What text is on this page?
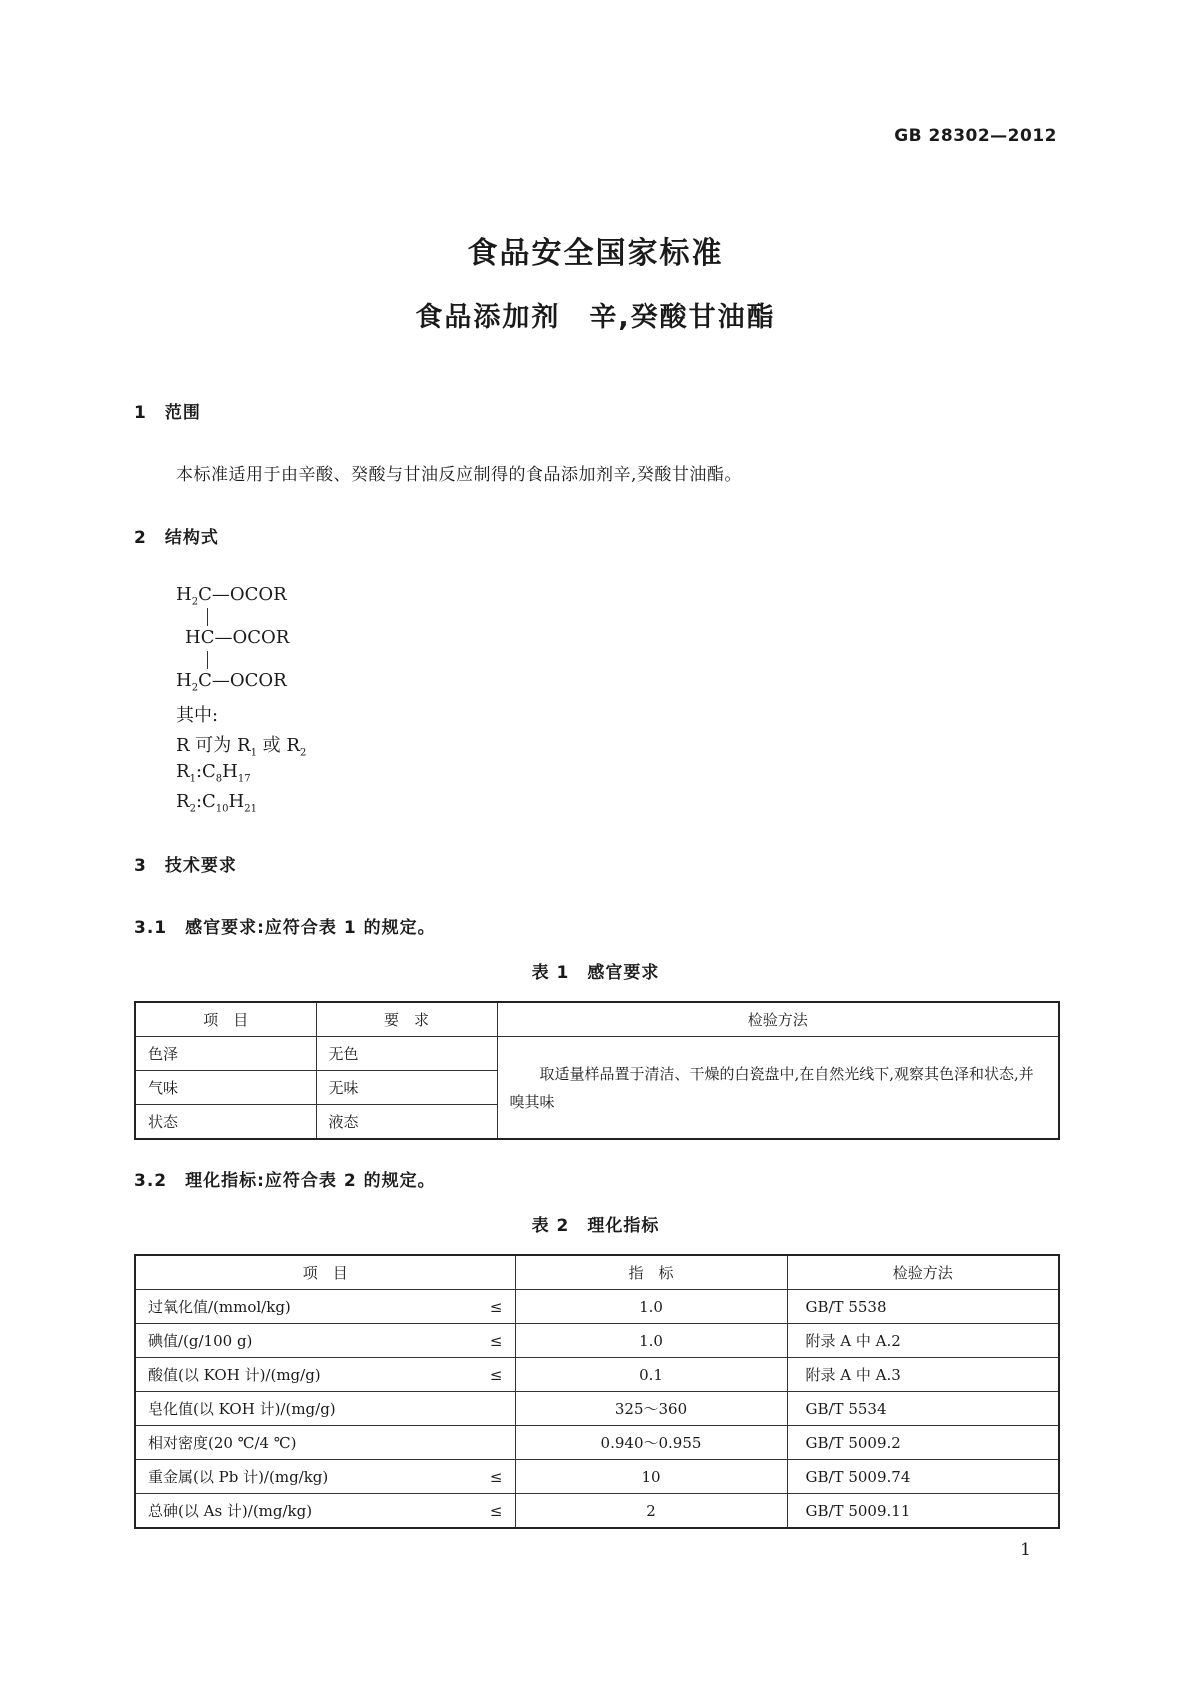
GB 28302—2012
食品安全国家标准
食品添加剂　辛,癸酸甘油酯
1　范围
本标准适用于由辛酸、癸酸与甘油反应制得的食品添加剂辛,癸酸甘油酯。
2　结构式
$H_2C—OCOR$
HC—OCOR
$H_2C—OCOR$
其中:
R 可为 $R_1$ 或 $R_2$
$R_1:C_8H_{17}$
$R_2:C_{10}H_{21}$
3　技术要求
3.1　感官要求:应符合表 1 的规定。
表 1　感官要求
项　目	要　求	检验方法
色泽	无色	取适量样品置于清洁、干燥的白瓷盘中,在自然光线下,观察其色泽和状态,并嗅其味
气味	无味	
状态	液态	
3.2　理化指标:应符合表 2 的规定。
表 2　理化指标
项　目	指　标	检验方法

过氧化值/(mmol/kg) ≤	1.0	GB/T 5538

碘值/(g/100 g) ≤	1.0	附录 A 中 A.2

酸值(以 KOH 计)/(mg/g) ≤	0.1	附录 A 中 A.3

皂化值(以 KOH 计)/(mg/g)	325～360	GB/T 5534

相对密度(20 ℃/4 ℃)	0.940～0.955	GB/T 5009.2

重金属(以 Pb 计)/(mg/kg) ≤	10	GB/T 5009.74

总砷(以 As 计)/(mg/kg) ≤	2	GB/T 5009.11
1
